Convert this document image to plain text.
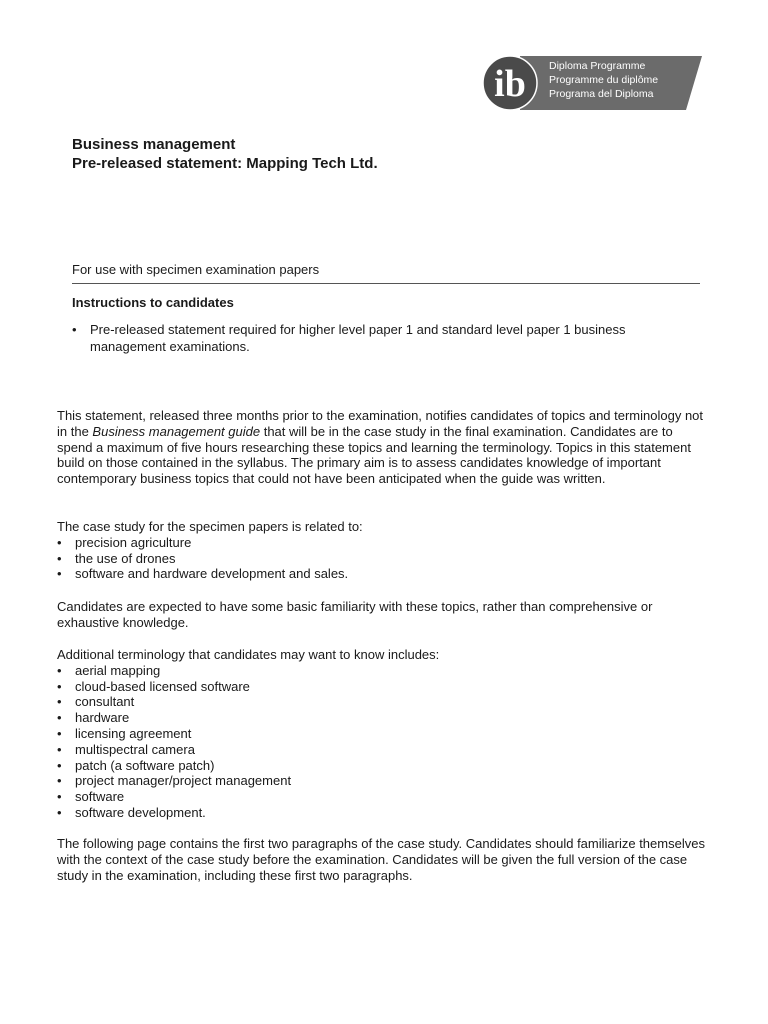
ib Diploma Programme
Programme du diplôme
Programa del Diploma
Business management
Pre-released statement: Mapping Tech Ltd.
For use with specimen examination papers
Instructions to candidates
•	Pre-released statement required for higher level paper 1 and standard level paper 1 business management examinations.
This statement, released three months prior to the examination, notifies candidates of topics and terminology not in the Business management guide that will be in the case study in the final examination. Candidates are to spend a maximum of five hours researching these topics and learning the terminology. Topics in this statement build on those contained in the syllabus. The primary aim is to assess candidates knowledge of important contemporary business topics that could not have been anticipated when the guide was written.
The case study for the specimen papers is related to:
•	precision agriculture
•	the use of drones
•	software and hardware development and sales.
Candidates are expected to have some basic familiarity with these topics, rather than comprehensive or exhaustive knowledge.
Additional terminology that candidates may want to know includes:
•	aerial mapping
•	cloud-based licensed software
•	consultant
•	hardware
•	licensing agreement
•	multispectral camera
•	patch (a software patch)
•	project manager/project management
•	software
•	software development.
The following page contains the first two paragraphs of the case study. Candidates should familiarize themselves with the context of the case study before the examination. Candidates will be given the full version of the case study in the examination, including these first two paragraphs.
